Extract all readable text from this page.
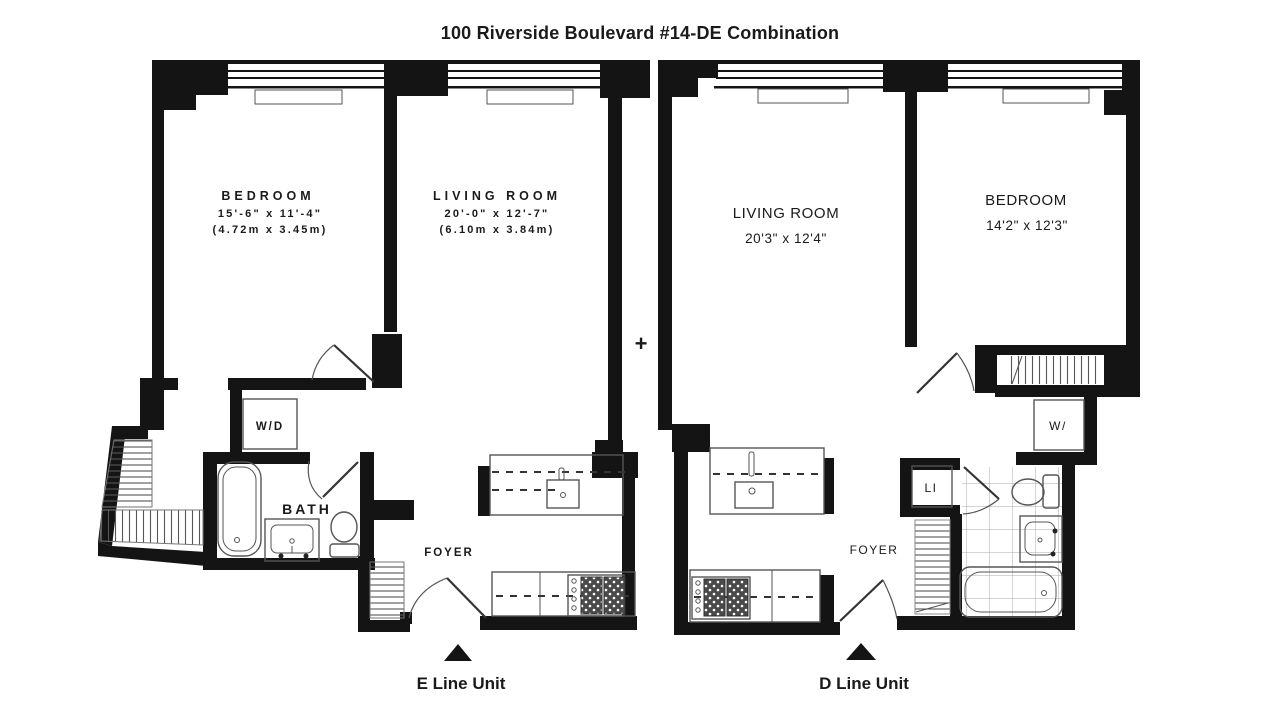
100 Riverside Boulevard #14-DE Combination
+
W/D
BEDROOM
15'-6" x 11'-4"
(4.72m x 3.45m)
LIVING ROOM
20'-0" x 12'-7"
(6.10m x 3.84m)
BATH
FOYER
E Line Unit
W/
LI
LIVING ROOM
20'3" x 12'4"
BEDROOM
14'2" x 12'3"
FOYER
D Line Unit
